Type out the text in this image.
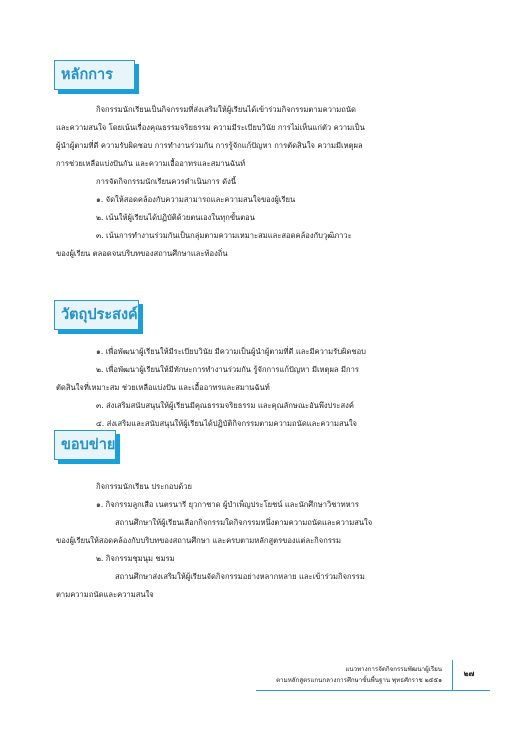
หลักการ
กิจกรรมนักเรียนเป็นกิจกรรมที่ส่งเสริมให้ผู้เรียนได้เข้าร่วมกิจกรรมตามความถนัด
และความสนใจ โดยเน้นเรื่องคุณธรรมจริยธรรม ความมีระเบียบวินัย การไม่เห็นแก่ตัว ความเป็น
ผู้นำผู้ตามที่ดี ความรับผิดชอบ การทำงานร่วมกัน การรู้จักแก้ปัญหา การตัดสินใจ ความมีเหตุผล
การช่วยเหลือแบ่งปันกัน และความเอื้ออาทรและสมานฉันท์
การจัดกิจกรรมนักเรียนควรดำเนินการ ดังนี้
๑. จัดให้สอดคล้องกับความสามารถและความสนใจของผู้เรียน
๒. เน้นให้ผู้เรียนได้ปฏิบัติด้วยตนเองในทุกขั้นตอน
๓. เน้นการทำงานร่วมกันเป็นกลุ่มตามความเหมาะสมและสอดคล้องกับวุฒิภาวะ
ของผู้เรียน ตลอดจนบริบทของสถานศึกษาและท้องถิ่น
วัตถุประสงค์
๑. เพื่อพัฒนาผู้เรียนให้มีระเบียบวินัย มีความเป็นผู้นำผู้ตามที่ดี และมีความรับผิดชอบ
๒. เพื่อพัฒนาผู้เรียนให้มีทักษะการทำงานร่วมกัน รู้จักการแก้ปัญหา มีเหตุผล มีการ
ตัดสินใจที่เหมาะสม ช่วยเหลือแบ่งปัน และเอื้ออาทรและสมานฉันท์
๓. ส่งเสริมสนับสนุนให้ผู้เรียนมีคุณธรรมจริยธรรม และคุณลักษณะอันพึงประสงค์
๔. ส่งเสริมและสนับสนุนให้ผู้เรียนได้ปฏิบัติกิจกรรมตามความถนัดและความสนใจ
ขอบข่าย
กิจกรรมนักเรียน ประกอบด้วย
๑. กิจกรรมลูกเสือ เนตรนารี ยุวกาชาด ผู้บำเพ็ญประโยชน์ และนักศึกษาวิชาทหาร
สถานศึกษาให้ผู้เรียนเลือกกิจกรรมใดกิจกรรมหนึ่งตามความถนัดและความสนใจ
ของผู้เรียนให้สอดคล้องกับบริบทของสถานศึกษา และครบตามหลักสูตรของแต่ละกิจกรรม
๒. กิจกรรมชุมนุม ชมรม
สถานศึกษาส่งเสริมให้ผู้เรียนจัดกิจกรรมอย่างหลากหลาย และเข้าร่วมกิจกรรม
ตามความถนัดและความสนใจ
แนวทางการจัดกิจกรรมพัฒนาผู้เรียน
ตามหลักสูตรแกนกลางการศึกษาขั้นพื้นฐาน พุทธศักราช ๒๕๕๑
๒๗
